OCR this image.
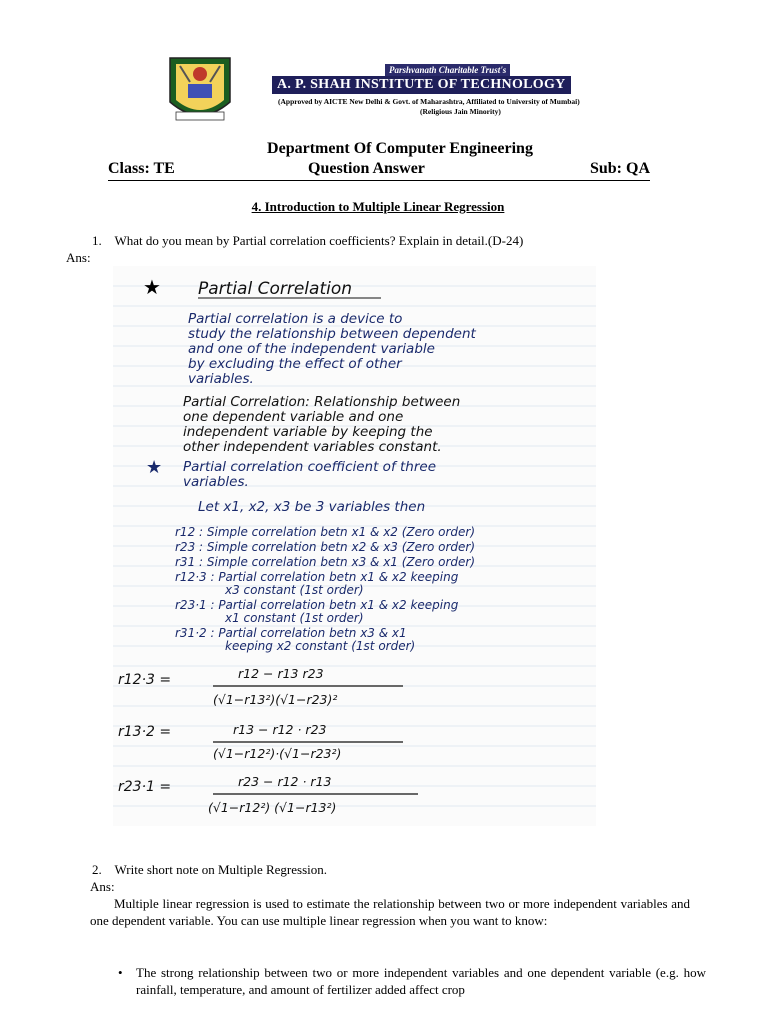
Parshvanath Charitable Trust's
A. P. SHAH INSTITUTE OF TECHNOLOGY
(Approved by AICTE New Delhi & Govt. of Maharashtra, Affiliated to University of Mumbai)
(Religious Jain Minority)
Department Of Computer Engineering
Class: TE	Question Answer	Sub: QA
4. Introduction to Multiple Linear Regression
1. What do you mean by Partial correlation coefficients? Explain in detail.(D-24)
Ans:
★ Partial Correlation
Partial correlation is a device to
study the relationship between dependent
and one of the independent variable
by excluding the effect of other
variables.
Partial Correlation: Relationship between
one dependent variable and one
independent variable by keeping the
other independent variables constant.
★ Partial correlation coefficient of three
variables.
Let x1, x2, x3 be 3 variables then
r12 : Simple correlation betn x1 & x2 (Zero order)
r23 : Simple correlation betn x2 & x3 (Zero order)
r31 : Simple correlation betn x3 & x1 (Zero order)
r12·3 : Partial correlation betn x1 & x2 keeping
x3 constant (1st order)
r23·1 : Partial correlation betn x1 & x2 keeping
x1 constant (1st order)
r31·2 : Partial correlation betn x3 & x1
keeping x2 constant (1st order)
r12·3 =	r12 − r13 r23
(√1−r13²)(√1−r23)²
r13·2 =	r13 − r12 · r23
(√1−r12²)·(√1−r23²)
r23·1 =	r23 − r12 · r13
(√1−r12²) (√1−r13²)
2. Write short note on Multiple Regression.
Ans:
Multiple linear regression is used to estimate the relationship between two or more independent variables and one dependent variable. You can use multiple linear regression when you want to know:
• The strong relationship between two or more independent variables and one dependent variable (e.g. how rainfall, temperature, and amount of fertilizer added affect crop
